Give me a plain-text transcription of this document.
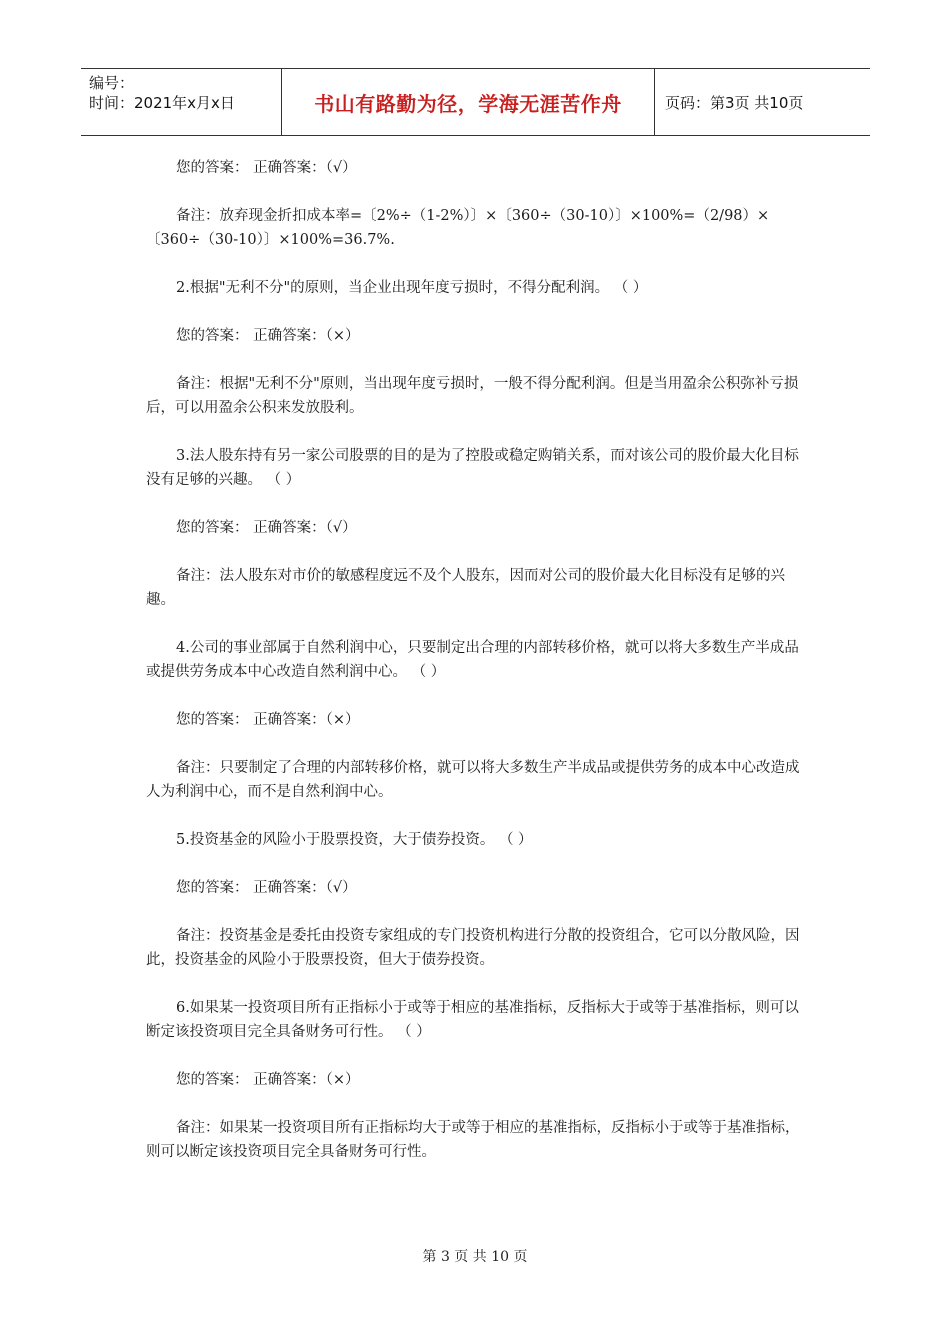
编号：
时间：2021年x月x日	书山有路勤为径，学海无涯苦作舟	页码：第3页 共10页

您的答案： 正确答案：（√）

备注：放弃现金折扣成本率=〔2%÷（1-2%）〕×〔360÷（30-10）〕×100%=（2/98）×〔360÷（30-10）〕×100%=36.7%.

2.根据"无利不分"的原则，当企业出现年度亏损时，不得分配利润。 （ ）

您的答案： 正确答案：（×）

备注：根据"无利不分"原则，当出现年度亏损时，一般不得分配利润。但是当用盈余公积弥补亏损后，可以用盈余公积来发放股利。

3.法人股东持有另一家公司股票的目的是为了控股或稳定购销关系，而对该公司的股价最大化目标没有足够的兴趣。 （ ）

您的答案： 正确答案：（√）

备注：法人股东对市价的敏感程度远不及个人股东，因而对公司的股价最大化目标没有足够的兴趣。

4.公司的事业部属于自然利润中心，只要制定出合理的内部转移价格，就可以将大多数生产半成品或提供劳务成本中心改造自然利润中心。 （ ）

您的答案： 正确答案：（×）

备注：只要制定了合理的内部转移价格，就可以将大多数生产半成品或提供劳务的成本中心改造成人为利润中心，而不是自然利润中心。

5.投资基金的风险小于股票投资，大于债券投资。 （ ）

您的答案： 正确答案：（√）

备注：投资基金是委托由投资专家组成的专门投资机构进行分散的投资组合，它可以分散风险，因此，投资基金的风险小于股票投资，但大于债券投资。

6.如果某一投资项目所有正指标小于或等于相应的基准指标，反指标大于或等于基准指标，则可以断定该投资项目完全具备财务可行性。 （ ）

您的答案： 正确答案：（×）

备注：如果某一投资项目所有正指标均大于或等于相应的基准指标，反指标小于或等于基准指标，则可以断定该投资项目完全具备财务可行性。

第 3 页 共 10 页
